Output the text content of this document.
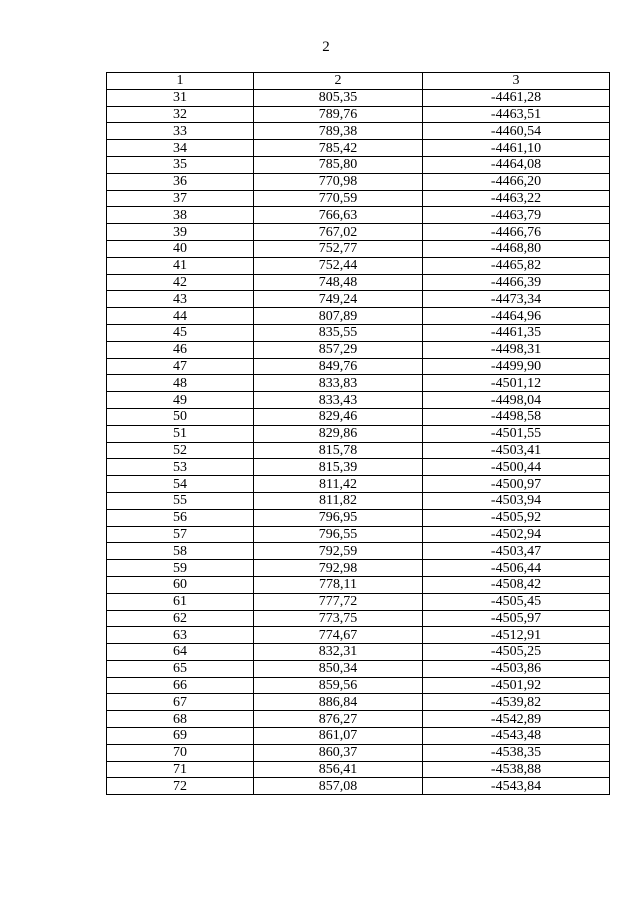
2
1	2	3
31	805,35	-4461,28
32	789,76	-4463,51
33	789,38	-4460,54
34	785,42	-4461,10
35	785,80	-4464,08
36	770,98	-4466,20
37	770,59	-4463,22
38	766,63	-4463,79
39	767,02	-4466,76
40	752,77	-4468,80
41	752,44	-4465,82
42	748,48	-4466,39
43	749,24	-4473,34
44	807,89	-4464,96
45	835,55	-4461,35
46	857,29	-4498,31
47	849,76	-4499,90
48	833,83	-4501,12
49	833,43	-4498,04
50	829,46	-4498,58
51	829,86	-4501,55
52	815,78	-4503,41
53	815,39	-4500,44
54	811,42	-4500,97
55	811,82	-4503,94
56	796,95	-4505,92
57	796,55	-4502,94
58	792,59	-4503,47
59	792,98	-4506,44
60	778,11	-4508,42
61	777,72	-4505,45
62	773,75	-4505,97
63	774,67	-4512,91
64	832,31	-4505,25
65	850,34	-4503,86
66	859,56	-4501,92
67	886,84	-4539,82
68	876,27	-4542,89
69	861,07	-4543,48
70	860,37	-4538,35
71	856,41	-4538,88
72	857,08	-4543,84
